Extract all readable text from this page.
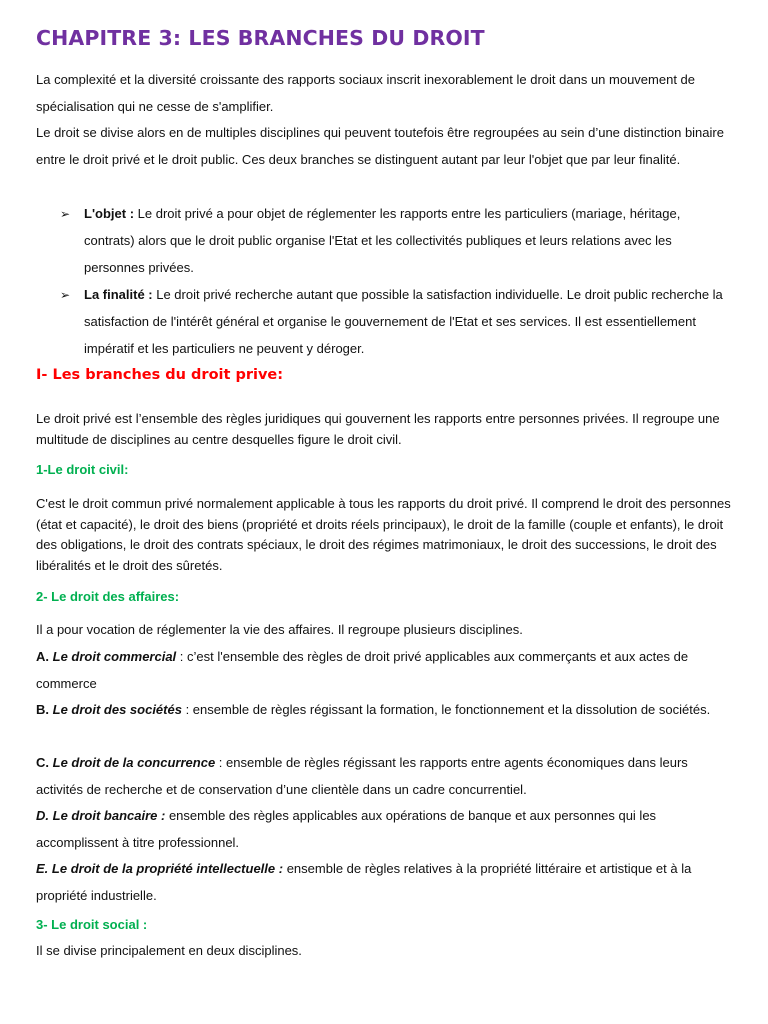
CHAPITRE 3: LES BRANCHES DU DROIT

La complexité et la diversité croissante des rapports sociaux inscrit inexorablement le droit dans un mouvement de spécialisation qui ne cesse de s'amplifier.

Le droit se divise alors en de multiples disciplines qui peuvent toutefois être regroupées au sein d’une distinction binaire entre le droit privé et le droit public. Ces deux branches se distinguent autant par leur l'objet que par leur finalité.

➢ L'objet : Le droit privé a pour objet de réglementer les rapports entre les particuliers (mariage, héritage, contrats) alors que le droit public organise l'Etat et les collectivités publiques et leurs relations avec les personnes privées.

➢ La finalité : Le droit privé recherche autant que possible la satisfaction individuelle. Le droit public recherche la satisfaction de l'intérêt général et organise le gouvernement de l'Etat et ses services. Il est essentiellement impératif et les particuliers ne peuvent y déroger.

I- Les branches du droit prive:

Le droit privé est l’ensemble des règles juridiques qui gouvernent les rapports entre personnes privées. Il regroupe une multitude de disciplines au centre desquelles figure le droit civil.

1-Le droit civil:

C'est le droit commun privé normalement applicable à tous les rapports du droit privé. Il comprend le droit des personnes (état et capacité), le droit des biens (propriété et droits réels principaux), le droit de la famille (couple et enfants), le droit des obligations, le droit des contrats spéciaux, le droit des régimes matrimoniaux, le droit des successions, le droit des libéralités et le droit des sûretés.

2- Le droit des affaires:

Il a pour vocation de réglementer la vie des affaires. Il regroupe plusieurs disciplines.

A. Le droit commercial : c’est l'ensemble des règles de droit privé applicables aux commerçants et aux actes de commerce

B. Le droit des sociétés : ensemble de règles régissant la formation, le fonctionnement et la dissolution de sociétés.

C. Le droit de la concurrence : ensemble de règles régissant les rapports entre agents économiques dans leurs activités de recherche et de conservation d’une clientèle dans un cadre concurrentiel.

D. Le droit bancaire : ensemble des règles applicables aux opérations de banque et aux personnes qui les accomplissent à titre professionnel.

E. Le droit de la propriété intellectuelle : ensemble de règles relatives à la propriété littéraire et artistique et à la propriété industrielle.

3- Le droit social :

Il se divise principalement en deux disciplines.
